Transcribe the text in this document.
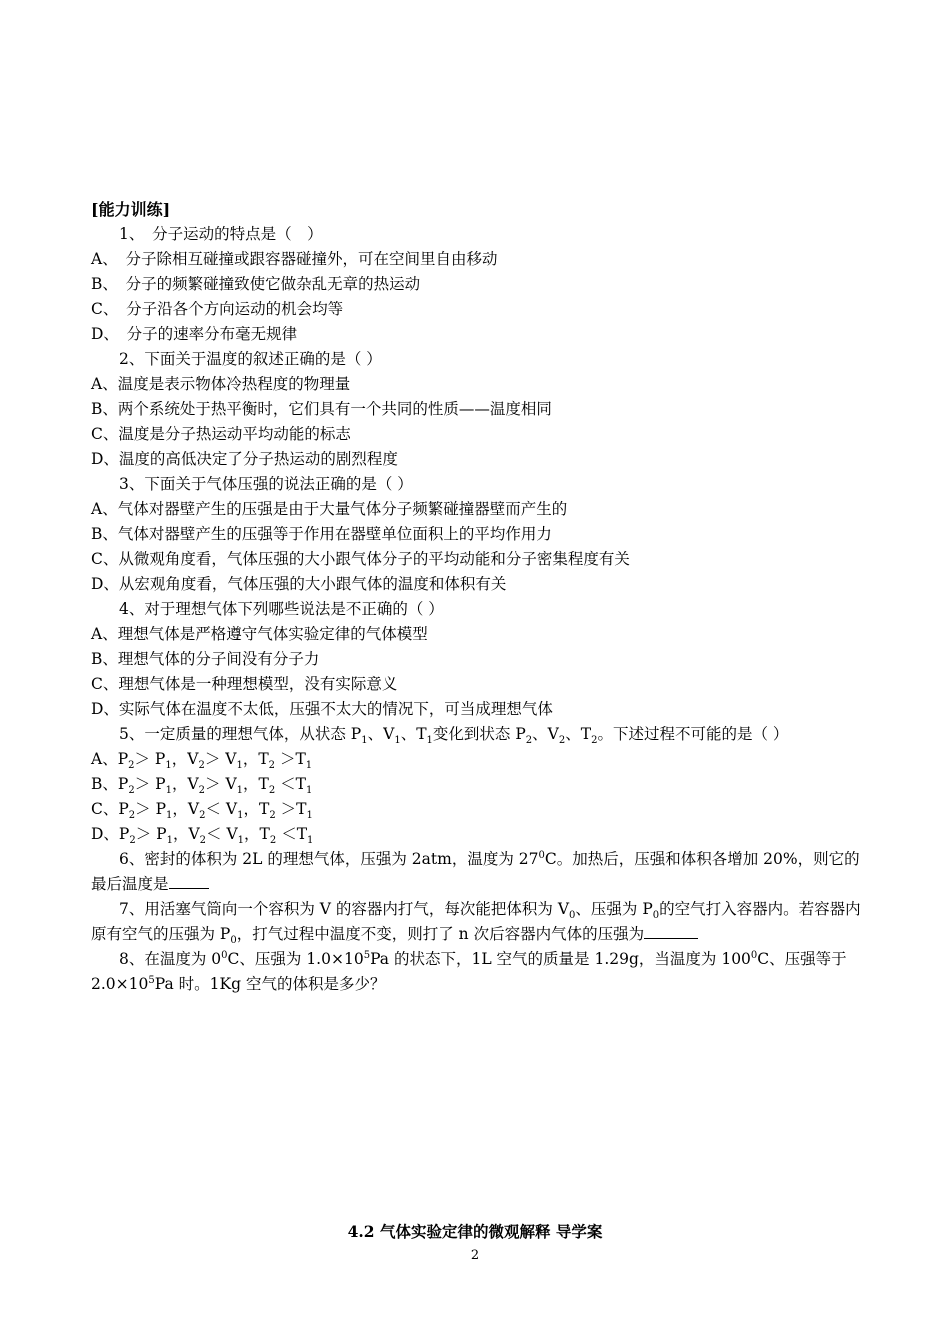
[能力训练]
1、　分子运动的特点是（　）
A、　分子除相互碰撞或跟容器碰撞外，可在空间里自由移动
B、　分子的频繁碰撞致使它做杂乱无章的热运动
C、　分子沿各个方向运动的机会均等
D、　分子的速率分布毫无规律
2、下面关于温度的叙述正确的是（ ）
A、温度是表示物体冷热程度的物理量
B、两个系统处于热平衡时，它们具有一个共同的性质——温度相同
C、温度是分子热运动平均动能的标志
D、温度的高低决定了分子热运动的剧烈程度
3、下面关于气体压强的说法正确的是（ ）
A、气体对器壁产生的压强是由于大量气体分子频繁碰撞器壁而产生的
B、气体对器壁产生的压强等于作用在器壁单位面积上的平均作用力
C、从微观角度看，气体压强的大小跟气体分子的平均动能和分子密集程度有关
D、从宏观角度看，气体压强的大小跟气体的温度和体积有关
4、对于理想气体下列哪些说法是不正确的（ ）
A、理想气体是严格遵守气体实验定律的气体模型
B、理想气体的分子间没有分子力
C、理想气体是一种理想模型，没有实际意义
D、实际气体在温度不太低，压强不太大的情况下，可当成理想气体
5、一定质量的理想气体，从状态 $P_1$、$V_1$、$T_1$变化到状态 $P_2$、$V_2$、$T_2$。下述过程不可能的是（ ）
A、$P_2> P_1$，$V_2> V_1$，$T_2 >T_1$
B、$P_2> P_1$，$V_2> V_1$，$T_2 <T_1$
C、$P_2> P_1$，$V_2< V_1$，$T_2 >T_1$
D、$P_2> P_1$，$V_2< V_1$，$T_2 <T_1$
6、密封的体积为 2L 的理想气体，压强为 2atm，温度为 $27^0C$。加热后，压强和体积各增加 20%，则它的最后温度是
7、用活塞气筒向一个容积为 V 的容器内打气，每次能把体积为 $V_0$、压强为 $P_0$的空气打入容器内。若容器内原有空气的压强为 $P_0$，打气过程中温度不变，则打了 n 次后容器内气体的压强为
8、在温度为 $0^0C$、压强为 $1.0\times 10^5Pa$ 的状态下，1L 空气的质量是 1.29g，当温度为 $100^0C$、压强等于 $2.0\times 10^5Pa$ 时。1Kg 空气的体积是多少？
4.2 气体实验定律的微观解释 导学案
2
